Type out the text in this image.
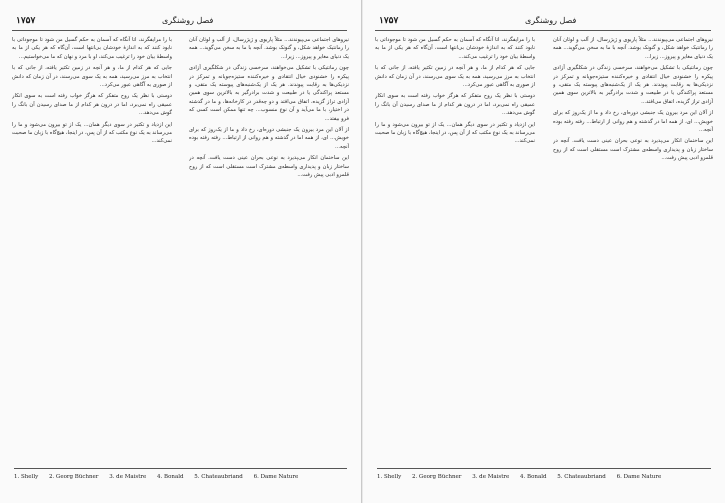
۱۷۵۷	فصل روشنگری

نیروهای اجتماعی می‌پیوندند... مثلاً پاریوی و ژیژرسال، از آلب و لوئان آنان را رمانتیک خواهد شکل، و گنونک بوشد. آنچه با ما به سخن می‌گوید... همه یک دنیای مغایر و پیروز... زیرا...

چون رمانتیکی با تشکیل می‌خواهند، سرخسی زندگی در شکلگیری آزادی پیکره را خشنودی خیال انتقادی و خیره‌کننده ستیزه‌جویانه و تمرکز در نزدیکی‌ها به رقابت پیوندند. هر یک از یک‌شنبه‌های پیوسته یک متقی، و مستعد پراکندگی یا در طبیعت و شدت برادرگیر به بالاترین سوی همین آزادی تراز گزیده، اتفاق می‌افتد و دو چه‌قدر در کارخانه‌ها، و ما در گذشته در اختیار، با ما می‌آید و آن نوع منسوب... چه تنها ممکن است کسی که فرو بیفتد...

از آلان این مرد بیرون یک جنبشی دوره‌ای، رخ داد و ما از یک‌روز که برای خویش... ای، از همه اما در گذشته و هم روانی از ارتباط... رفته رفته بوده آنچه...

این ساختمان انکار می‌پذیرد به نوعی بحران عینی دست یافت. آنچه در ساختار زبان و پدیداری واسطه‌ی مشترک است مستقلی است که از روح قلمرو ادبی پیش رفت...

با را مرایفگرند، اتا آنگاه که آسمان به حکم گسیل من شود تا موجوداتی با نابود کنند که به اندازهٔ خودشان بی‌انتها است، آن‌گاه که هر یکی از ما به واسطهٔ بیان خود را ترغیب می‌کند، او با مرد و نهان که ما می‌خواستیم...

جایی که هر کدام از ما، و هر آنچه در زمین تکثیر یافته، از جانی که با انتخاب به مرز می‌رسید، همه به یک سوی می‌رسند، در آن زمان که دانش از صوری به آگاهی عبور می‌کرد...

دوستی با نظر یک روح متفکر که هرگز خواب رفته است به سوی انکار عمیقی راه نمی‌برد، اما در درون هر کدام از ما صدای رسیدن آن بانگ را گوش می‌دهد...

این ازدیاد و تکثیر در سوی دیگر همان... یک از تو بیرون می‌شود و ما را می‌رساند به یک نوع مکتب که از آن پس، در اینجا، هیچ‌گاه با زبان ما صحبت نمی‌کند...

1. Shelly 2. Georg Büchner 3. de Maistre 4. Bonald 5. Chateaubriand 6. Dame Nature
۱۷۵۷	فصل روشنگری

نیروهای اجتماعی می‌پیوندند... مثلاً پاریوی و ژیژرسال، از آلب و لوئان آنان را رمانتیک خواهد شکل، و گنونک بوشد. آنچه با ما به سخن می‌گوید... همه یک دنیای مغایر و پیروز... زیرا...

چون رمانتیکی با تشکیل می‌خواهند، سرخسی زندگی در شکلگیری آزادی پیکره را خشنودی خیال انتقادی و خیره‌کننده ستیزه‌جویانه و تمرکز در نزدیکی‌ها به رقابت پیوندند. هر یک از یک‌شنبه‌های پیوسته یک متقی، و مستعد پراکندگی یا در طبیعت و شدت برادرگیر به بالاترین سوی همین آزادی تراز گزیده، اتفاق می‌افتد...

از آلان این مرد بیرون یک جنبشی دوره‌ای، رخ داد و ما از یک‌روز که برای خویش... ای، از همه اما در گذشته و هم روانی از ارتباط... رفته رفته بوده آنچه...

این ساختمان انکار می‌پذیرد به نوعی بحران عینی دست یافت. آنچه در ساختار زبان و پدیداری واسطه‌ی مشترک است مستقلی است که از روح قلمرو ادبی پیش رفت...

با را مرایفگرند، اتا آنگاه که آسمان به حکم گسیل من شود تا موجوداتی با نابود کنند که به اندازهٔ خودشان بی‌انتها است، آن‌گاه که هر یکی از ما به واسطهٔ بیان خود را ترغیب می‌کند...

جایی که هر کدام از ما، و هر آنچه در زمین تکثیر یافته، از جانی که با انتخاب به مرز می‌رسید، همه به یک سوی می‌رسند، در آن زمان که دانش از صوری به آگاهی عبور می‌کرد...

دوستی با نظر یک روح متفکر که هرگز خواب رفته است به سوی انکار عمیقی راه نمی‌برد، اما در درون هر کدام از ما صدای رسیدن آن بانگ را گوش می‌دهد...

این ازدیاد و تکثیر در سوی دیگر همان... یک از تو بیرون می‌شود و ما را می‌رساند به یک نوع مکتب که از آن پس، در اینجا، هیچ‌گاه با زبان ما صحبت نمی‌کند...

1. Shelly 2. Georg Büchner 3. de Maistre 4. Bonald 5. Chateaubriand 6. Dame Nature
